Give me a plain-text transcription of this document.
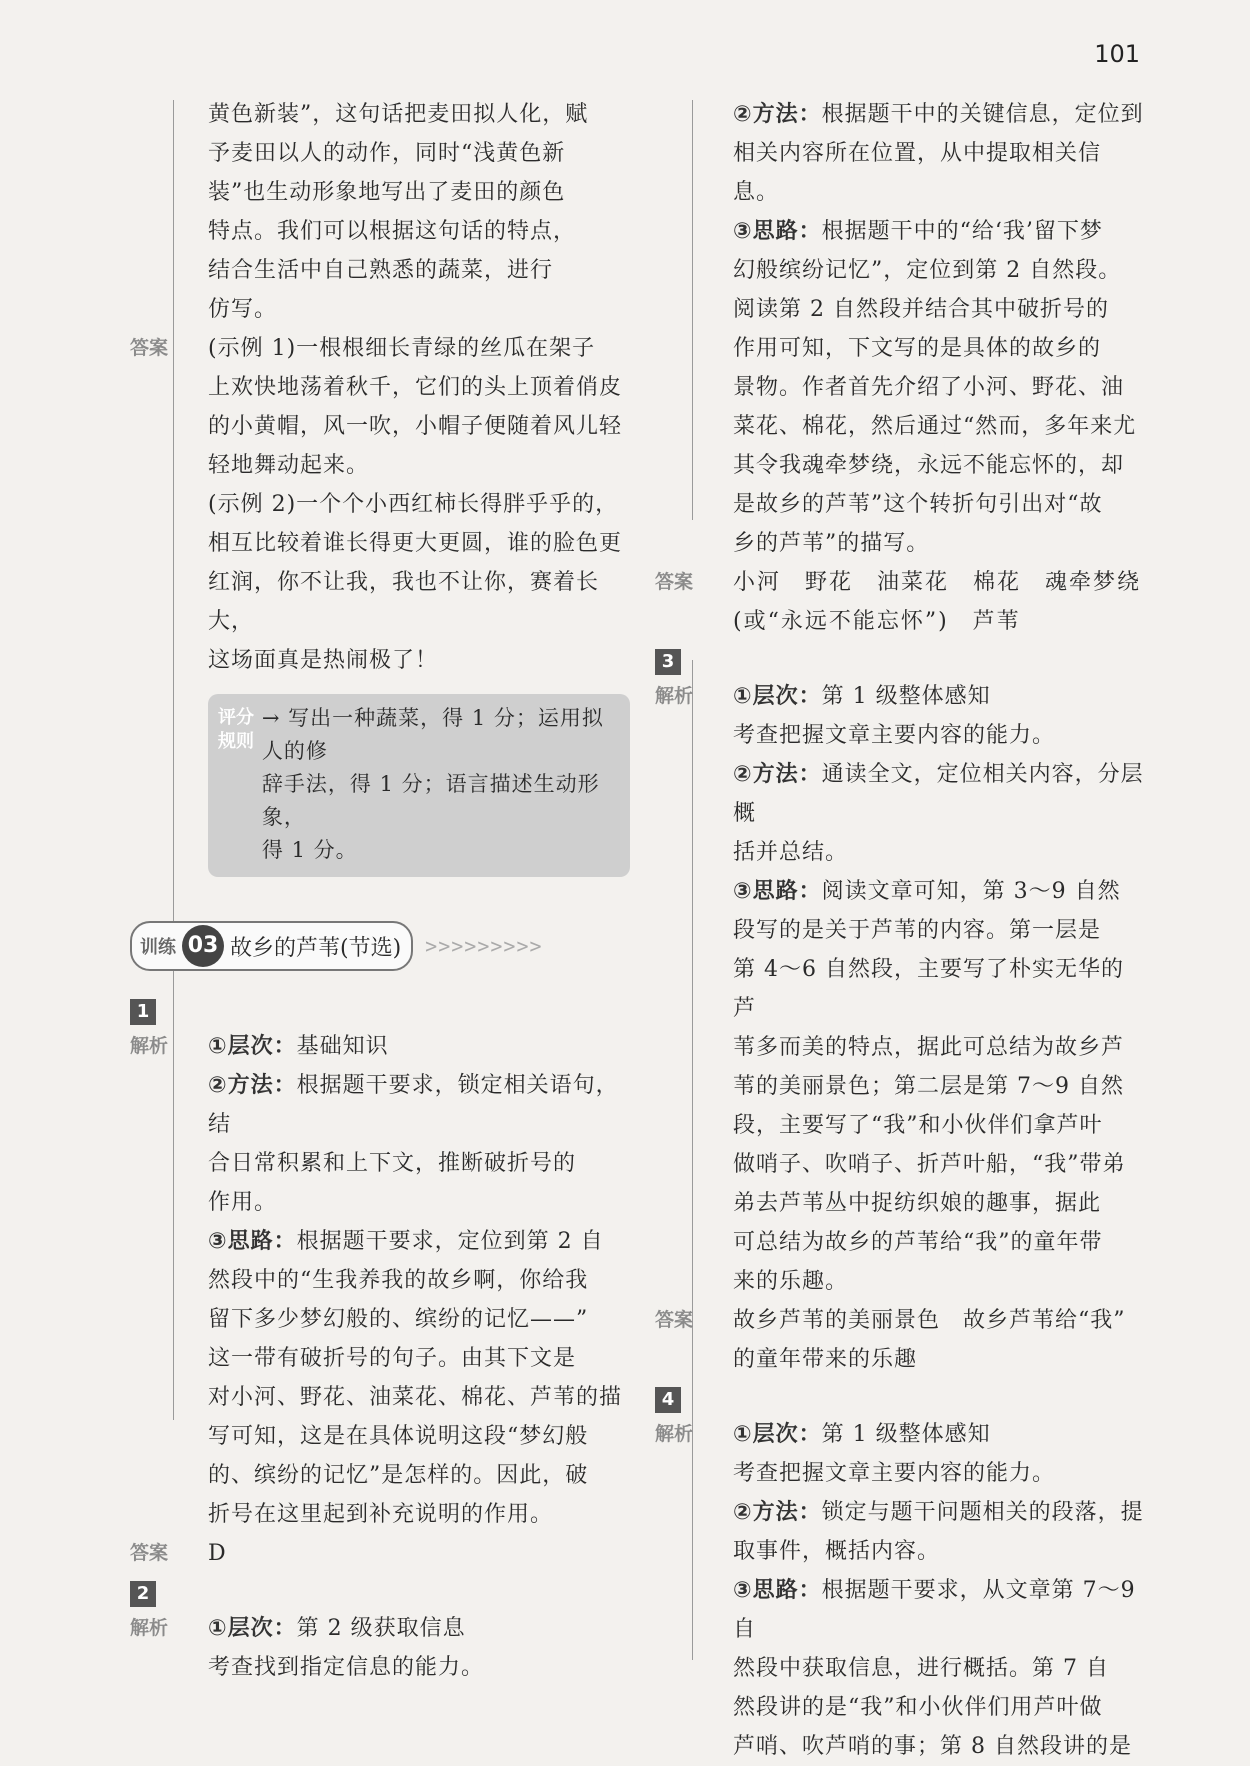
101

黄色新装”，这句话把麦田拟人化，赋

予麦田以人的动作，同时“浅黄色新

装”也生动形象地写出了麦田的颜色

特点。我们可以根据这句话的特点，

结合生活中自己熟悉的蔬菜，进行

仿写。

答案	(示例 1)一根根细长青绿的丝瓜在架子

上欢快地荡着秋千，它们的头上顶着俏皮

的小黄帽，风一吹，小帽子便随着风儿轻

轻地舞动起来。

(示例 2)一个个小西红柿长得胖乎乎的，

相互比较着谁长得更大更圆，谁的脸色更

红润，你不让我，我也不让你，赛着长大，

这场面真是热闹极了！

评分 规则

→ 写出一种蔬菜，得 1 分；运用拟人的修

辞手法，得 1 分；语言描述生动形象，

得 1 分。

训练 03 故乡的芦苇(节选) >>>>>>>>>
1
解析	①层次：基础知识

②方法：根据题干要求，锁定相关语句，结

合日常积累和上下文，推断破折号的

作用。

③思路：根据题干要求，定位到第 2 自

然段中的“生我养我的故乡啊，你给我

留下多少梦幻般的、缤纷的记忆——”

这一带有破折号的句子。由其下文是

对小河、野花、油菜花、棉花、芦苇的描

写可知，这是在具体说明这段“梦幻般

的、缤纷的记忆”是怎样的。因此，破

折号在这里起到补充说明的作用。

答案	D

2
解析	①层次：第 2 级获取信息

考查找到指定信息的能力。

②方法：根据题干中的关键信息，定位到

相关内容所在位置，从中提取相关信息。

③思路：根据题干中的“给‘我’留下梦

幻般缤纷记忆”，定位到第 2 自然段。

阅读第 2 自然段并结合其中破折号的

作用可知，下文写的是具体的故乡的

景物。作者首先介绍了小河、野花、油

菜花、棉花，然后通过“然而，多年来尤

其令我魂牵梦绕，永远不能忘怀的，却

是故乡的芦苇”这个转折句引出对“故

乡的芦苇”的描写。

答案	小河　野花　油菜花　棉花　魂牵梦绕

(或“永远不能忘怀”)　芦苇

3
解析	①层次：第 1 级整体感知

考查把握文章主要内容的能力。

②方法：通读全文，定位相关内容，分层概

括并总结。

③思路：阅读文章可知，第 3～9 自然

段写的是关于芦苇的内容。第一层是

第 4～6 自然段，主要写了朴实无华的芦

苇多而美的特点，据此可总结为故乡芦

苇的美丽景色；第二层是第 7～9 自然

段，主要写了“我”和小伙伴们拿芦叶

做哨子、吹哨子、折芦叶船，“我”带弟

弟去芦苇丛中捉纺织娘的趣事，据此

可总结为故乡的芦苇给“我”的童年带

来的乐趣。

答案	故乡芦苇的美丽景色　故乡芦苇给“我”

的童年带来的乐趣

4
解析	①层次：第 1 级整体感知

考查把握文章主要内容的能力。

②方法：锁定与题干问题相关的段落，提

取事件，概括内容。

③思路：根据题干要求，从文章第 7～9 自

然段中获取信息，进行概括。第 7 自

然段讲的是“我”和小伙伴们用芦叶做

芦哨、吹芦哨的事；第 8 自然段讲的是
